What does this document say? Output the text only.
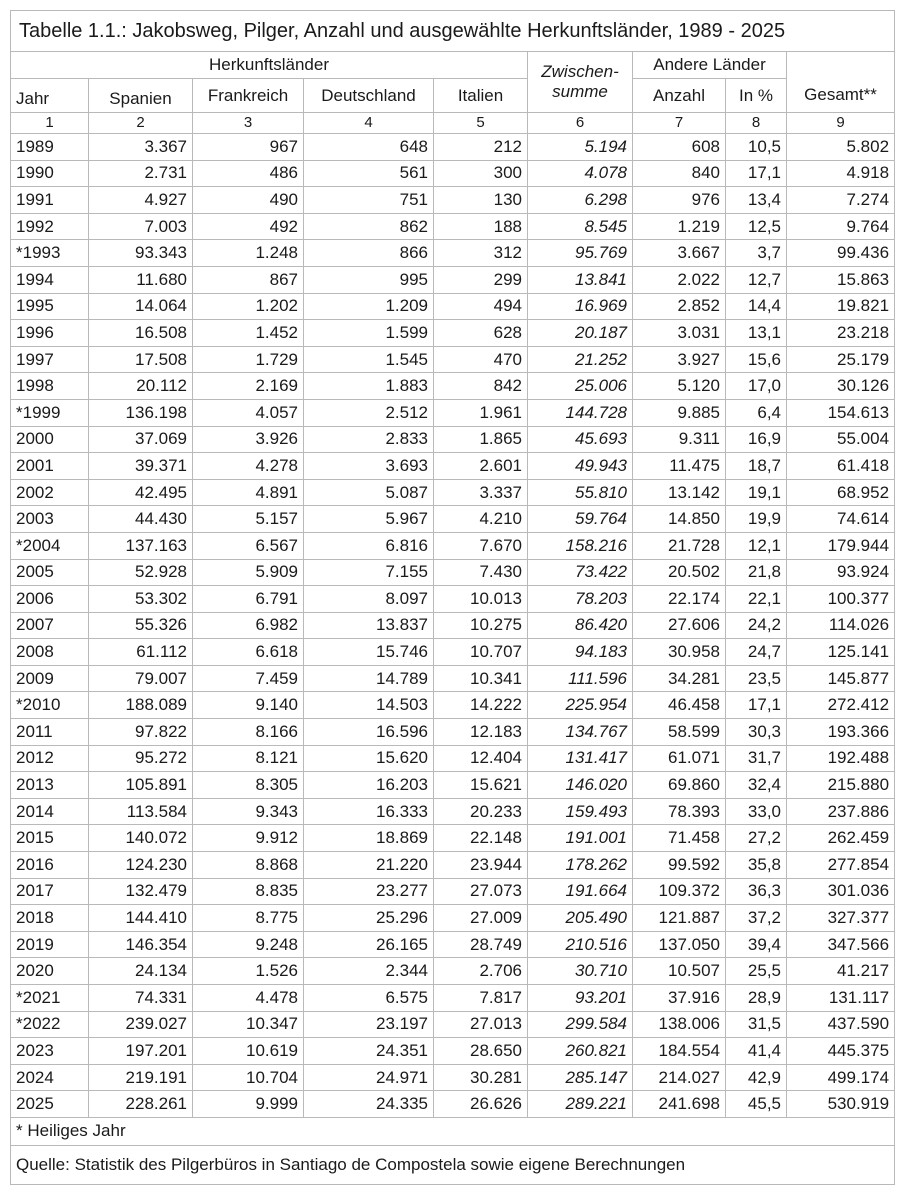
Tabelle 1.1.: Jakobsweg, Pilger, Anzahl und ausgewählte Herkunftsländer, 1989 - 2025								
Herkunftsländer					Zwischen-
summe	Andere Länder		
Jahr	Spanien	Frankreich	Deutschland	Italien		Anzahl	In %	Gesamt**
1	2	3	4	5	6	7	8	9
1989	3.367	967	648	212	5.194	608	10,5	5.802
1990	2.731	486	561	300	4.078	840	17,1	4.918
1991	4.927	490	751	130	6.298	976	13,4	7.274
1992	7.003	492	862	188	8.545	1.219	12,5	9.764
*1993	93.343	1.248	866	312	95.769	3.667	3,7	99.436
1994	11.680	867	995	299	13.841	2.022	12,7	15.863
1995	14.064	1.202	1.209	494	16.969	2.852	14,4	19.821
1996	16.508	1.452	1.599	628	20.187	3.031	13,1	23.218
1997	17.508	1.729	1.545	470	21.252	3.927	15,6	25.179
1998	20.112	2.169	1.883	842	25.006	5.120	17,0	30.126
*1999	136.198	4.057	2.512	1.961	144.728	9.885	6,4	154.613
2000	37.069	3.926	2.833	1.865	45.693	9.311	16,9	55.004
2001	39.371	4.278	3.693	2.601	49.943	11.475	18,7	61.418
2002	42.495	4.891	5.087	3.337	55.810	13.142	19,1	68.952
2003	44.430	5.157	5.967	4.210	59.764	14.850	19,9	74.614
*2004	137.163	6.567	6.816	7.670	158.216	21.728	12,1	179.944
2005	52.928	5.909	7.155	7.430	73.422	20.502	21,8	93.924
2006	53.302	6.791	8.097	10.013	78.203	22.174	22,1	100.377
2007	55.326	6.982	13.837	10.275	86.420	27.606	24,2	114.026
2008	61.112	6.618	15.746	10.707	94.183	30.958	24,7	125.141
2009	79.007	7.459	14.789	10.341	111.596	34.281	23,5	145.877
*2010	188.089	9.140	14.503	14.222	225.954	46.458	17,1	272.412
2011	97.822	8.166	16.596	12.183	134.767	58.599	30,3	193.366
2012	95.272	8.121	15.620	12.404	131.417	61.071	31,7	192.488
2013	105.891	8.305	16.203	15.621	146.020	69.860	32,4	215.880
2014	113.584	9.343	16.333	20.233	159.493	78.393	33,0	237.886
2015	140.072	9.912	18.869	22.148	191.001	71.458	27,2	262.459
2016	124.230	8.868	21.220	23.944	178.262	99.592	35,8	277.854
2017	132.479	8.835	23.277	27.073	191.664	109.372	36,3	301.036
2018	144.410	8.775	25.296	27.009	205.490	121.887	37,2	327.377
2019	146.354	9.248	26.165	28.749	210.516	137.050	39,4	347.566
2020	24.134	1.526	2.344	2.706	30.710	10.507	25,5	41.217
*2021	74.331	4.478	6.575	7.817	93.201	37.916	28,9	131.117
*2022	239.027	10.347	23.197	27.013	299.584	138.006	31,5	437.590
2023	197.201	10.619	24.351	28.650	260.821	184.554	41,4	445.375
2024	219.191	10.704	24.971	30.281	285.147	214.027	42,9	499.174
2025	228.261	9.999	24.335	26.626	289.221	241.698	45,5	530.919
* Heiliges Jahr								
Quelle: Statistik des Pilgerbüros in Santiago de Compostela sowie eigene Berechnungen								
